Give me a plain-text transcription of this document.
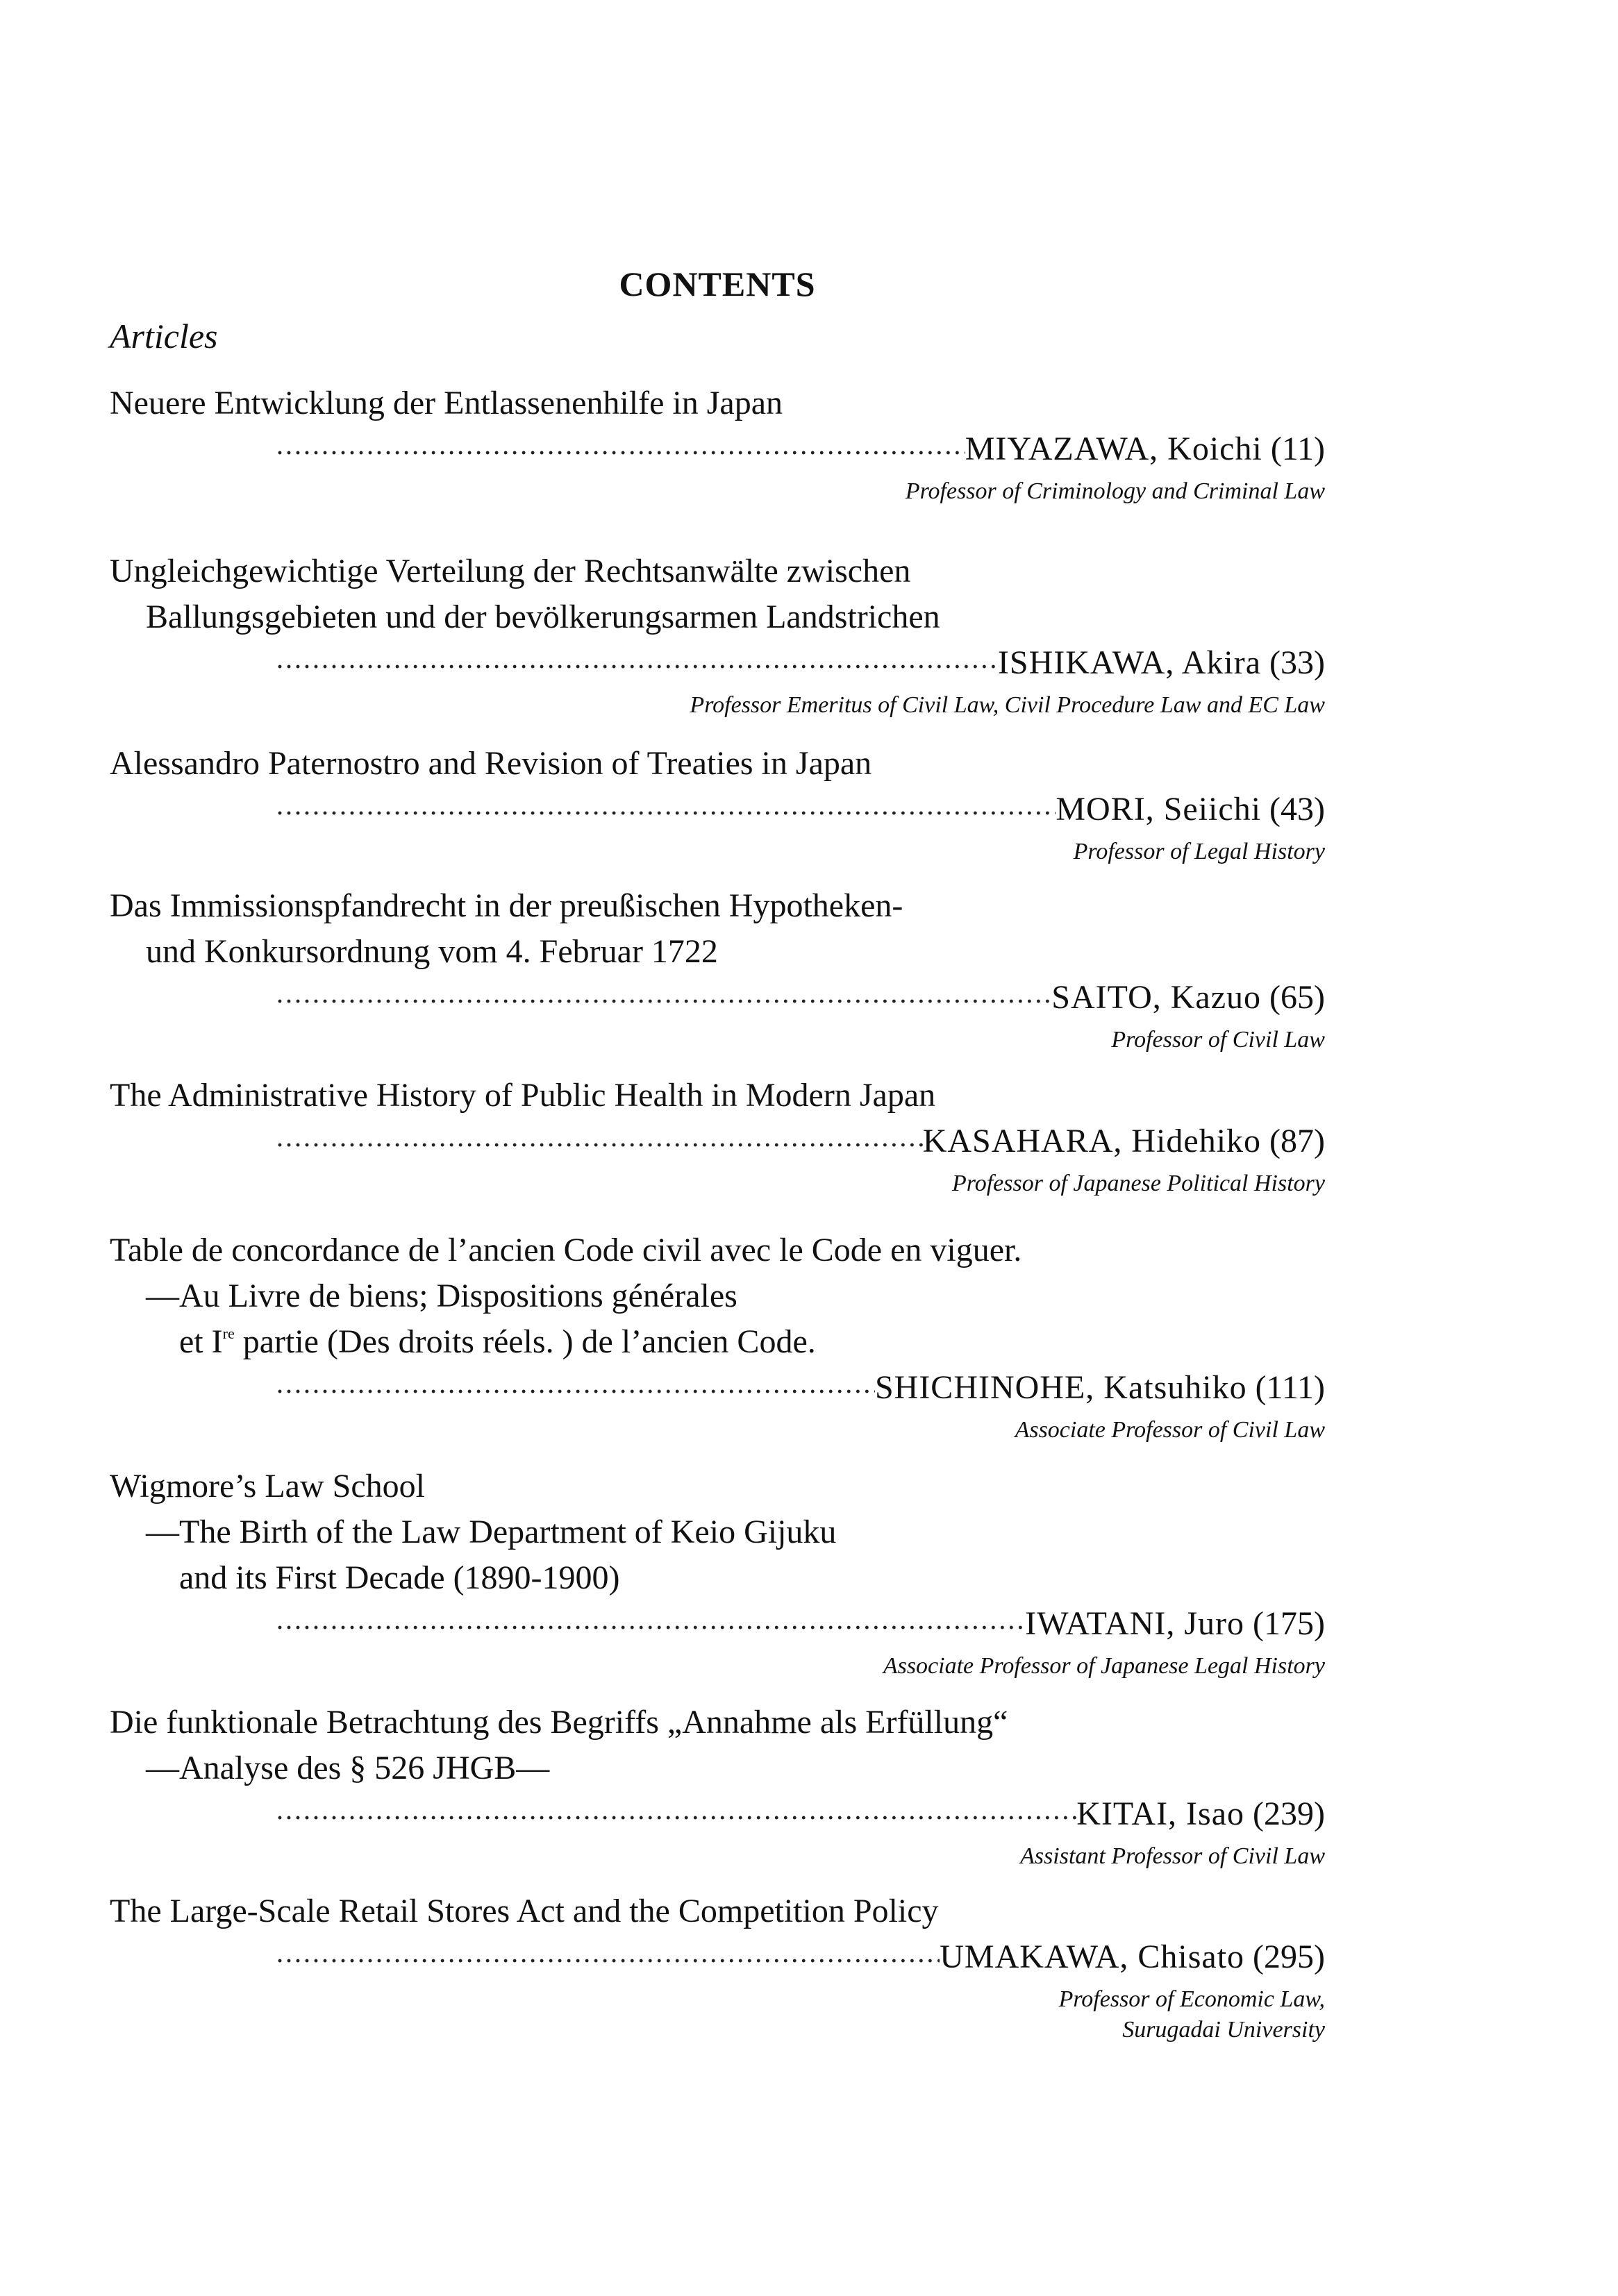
CONTENTS
Articles
Neuere Entwicklung der Entlassenenhilfe in Japan
·····
MIYAZAWA, Koichi
(11)
Professor of Criminology and Criminal Law
Ungleichgewichtige Verteilung der Rechtsanwälte zwischen
Ballungsgebieten und der bevölkerungsarmen Landstrichen
·····
ISHIKAWA, Akira
(33)
Professor Emeritus of Civil Law, Civil Procedure Law and EC Law
Alessandro Paternostro and Revision of Treaties in Japan
·····
MORI, Seiichi
(43)
Professor of Legal History
Das Immissionspfandrecht in der preußischen Hypotheken-
und Konkursordnung vom 4. Februar 1722
·····
SAITO, Kazuo
(65)
Professor of Civil Law
The Administrative History of Public Health in Modern Japan
·····
KASAHARA, Hidehiko
(87)
Professor of Japanese Political History
Table de concordance de l’ancien Code civil avec le Code en viguer.
—Au Livre de biens; Dispositions générales
et Ire partie (Des droits réels. ) de l’ancien Code.
·····
SHICHINOHE, Katsuhiko
(111)
Associate Professor of Civil Law
Wigmore’s Law School
—The Birth of the Law Department of Keio Gijuku
and its First Decade (1890-1900)
·····
IWATANI, Juro
(175)
Associate Professor of Japanese Legal History
Die funktionale Betrachtung des Begriffs „Annahme als Erfüllung“
—Analyse des § 526 JHGB—
·····
KITAI, Isao
(239)
Assistant Professor of Civil Law
The Large-Scale Retail Stores Act and the Competition Policy
·····
UMAKAWA, Chisato
(295)
Professor of Economic Law,
Surugadai University
